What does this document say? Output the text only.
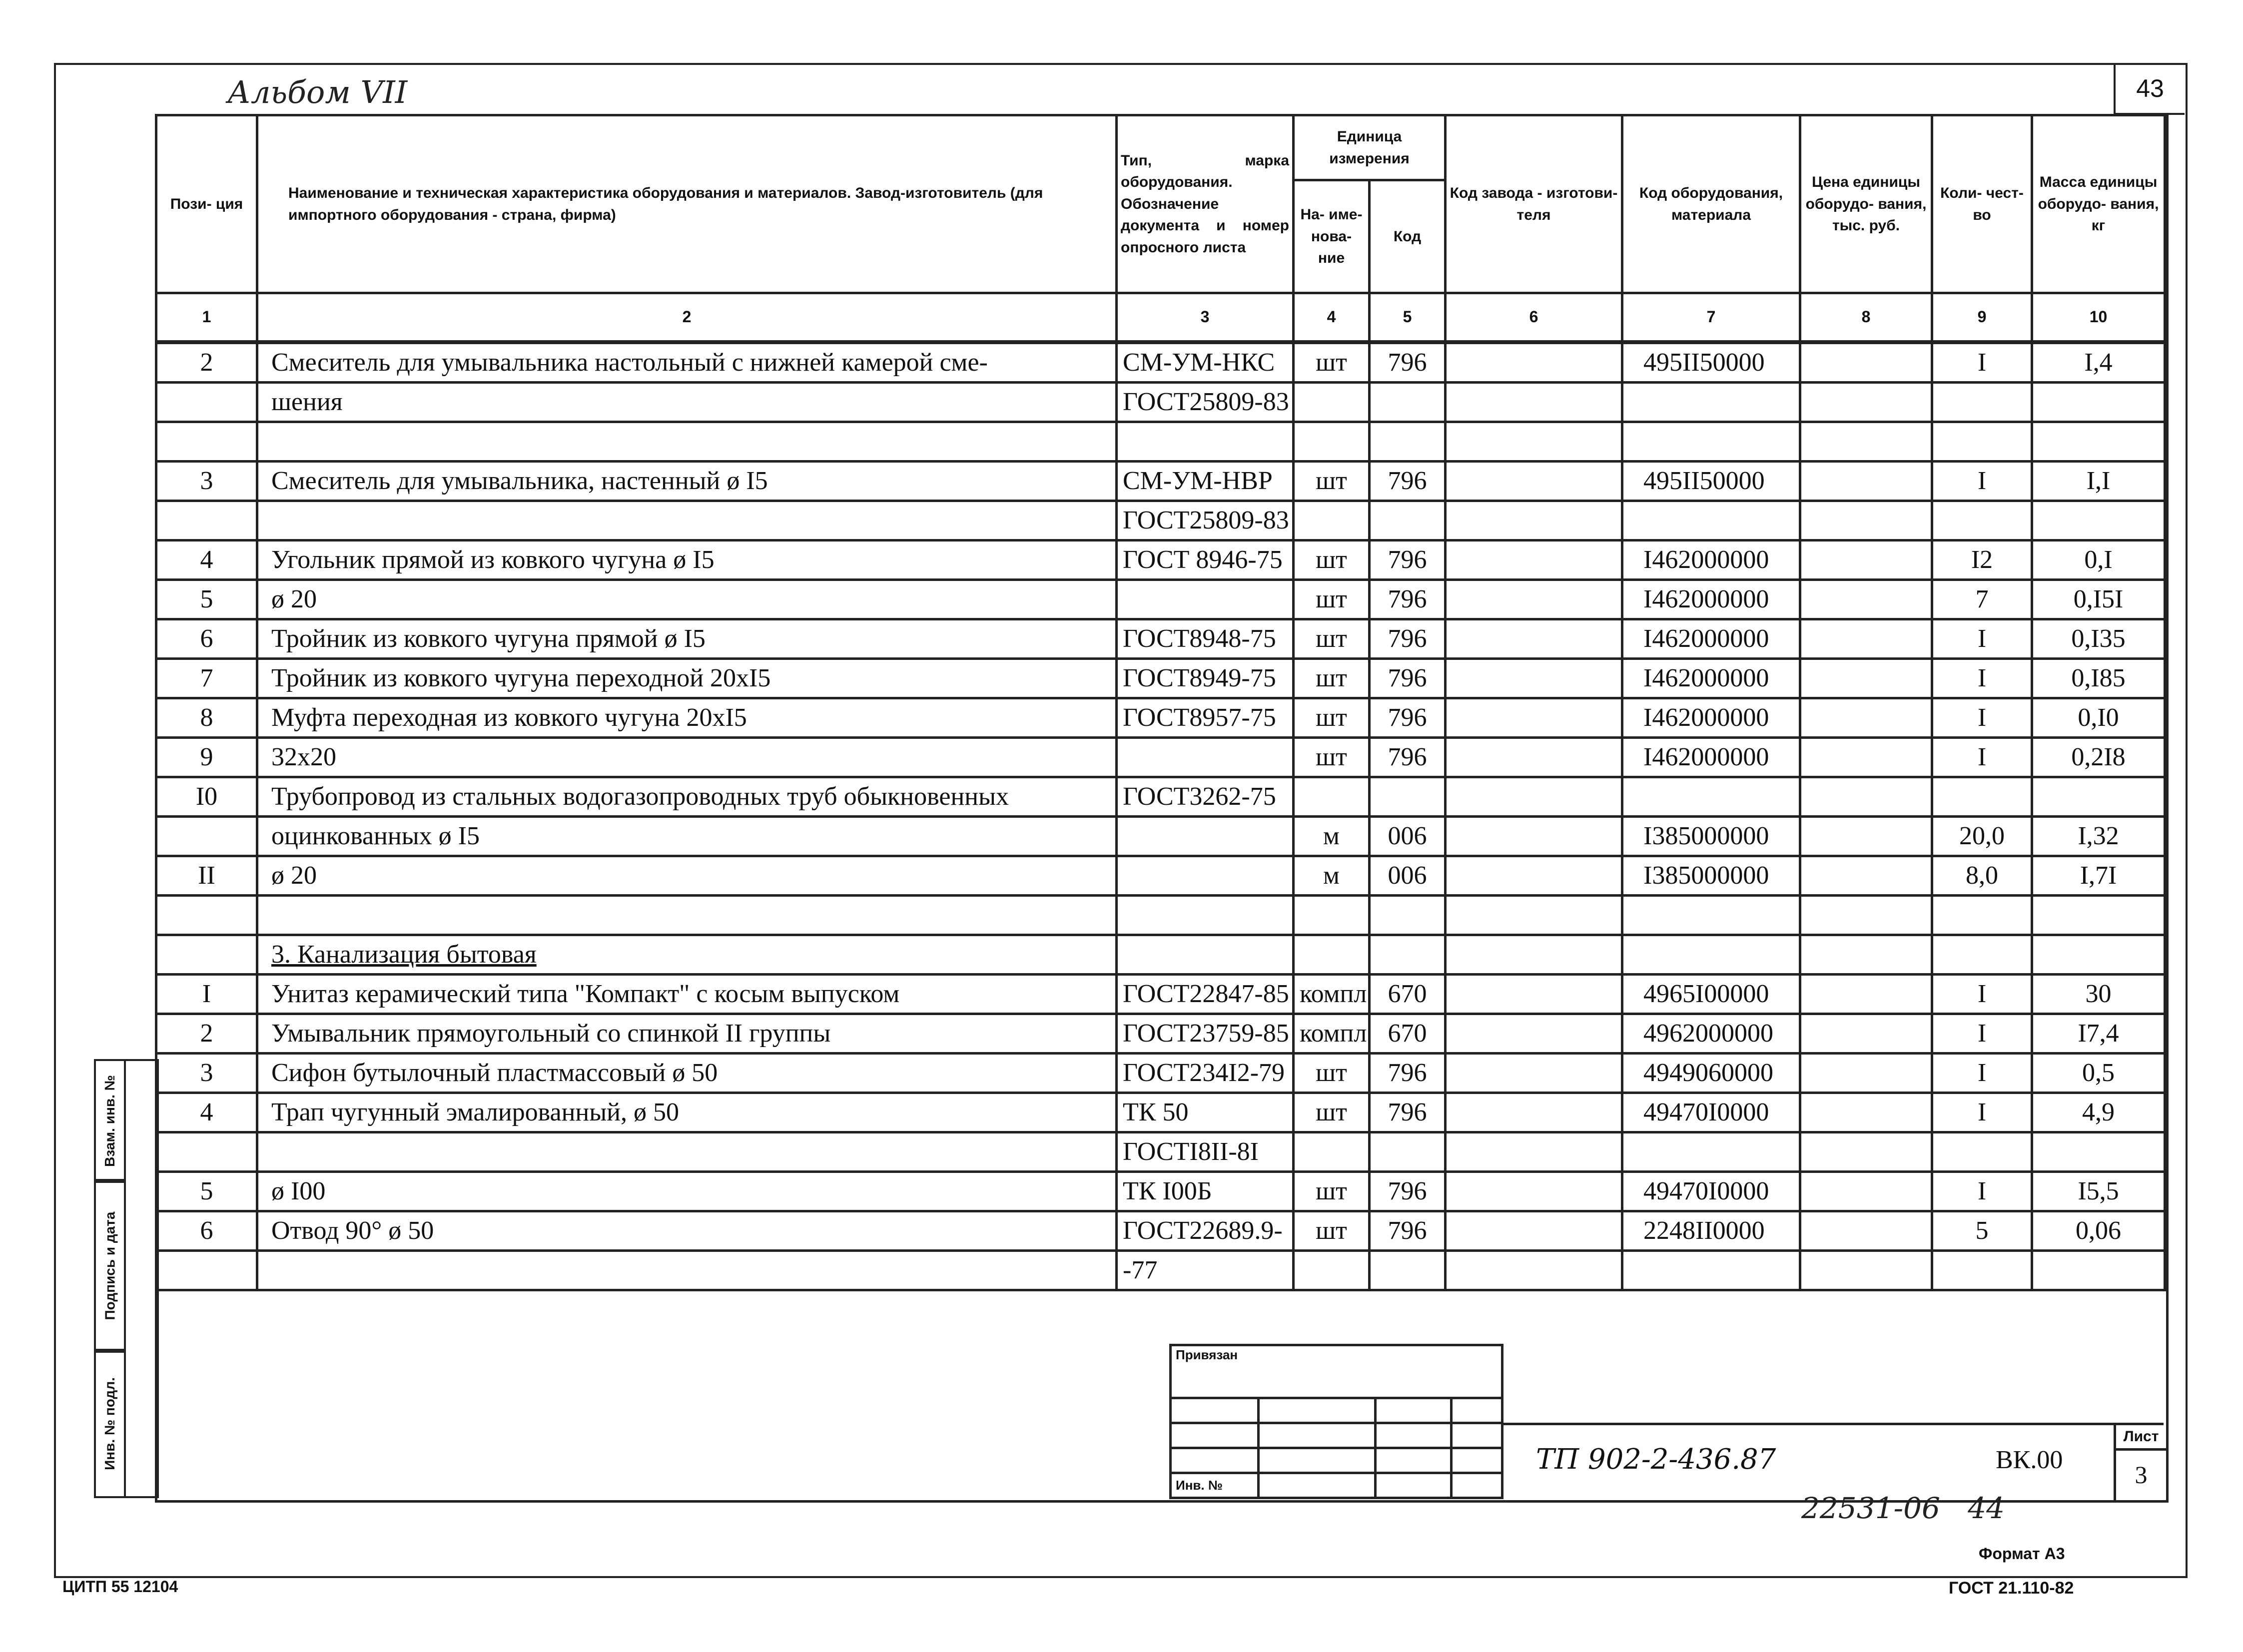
43
Альбом VII
Пози- ция	Наименование и техническая характеристика оборудования и материалов. Завод-изготовитель (для импортного оборудования - страна, фирма)	Тип, марка оборудования. Обозначение документа и номер опросного листа	Единица измерения		Код завода - изготови- теля	Код оборудования, материала	Цена единицы оборудо- вания, тыс. руб.	Коли- чест- во	Масса единицы оборудо- вания, кг
			На- име- нова- ние	Код					
1	2	3	4	5	6	7	8	9	10
2	Смеситель для умывальника настольный с нижней камерой сме-	СМ-УМ-НКС	шт	796		495II50000		I	I,4
	шения	ГОСТ25809-83							

3	Смеситель для умывальника, настенный ø I5	СМ-УМ-НВР	шт	796		495II50000		I	I,I
		ГОСТ25809-83							
4	Угольник прямой из ковкого чугуна ø I5	ГОСТ 8946-75	шт	796		I462000000		I2	0,I
5	ø 20		шт	796		I462000000		7	0,I5I
6	Тройник из ковкого чугуна прямой ø I5	ГОСТ8948-75	шт	796		I462000000		I	0,I35
7	Тройник из ковкого чугуна переходной 20хI5	ГОСТ8949-75	шт	796		I462000000		I	0,I85
8	Муфта переходная из ковкого чугуна 20хI5	ГОСТ8957-75	шт	796		I462000000		I	0,I0
9	32х20		шт	796		I462000000		I	0,2I8
I0	Трубопровод из стальных водогазопроводных труб обыкновенных	ГОСТ3262-75							
	оцинкованных ø I5		м	006		I385000000		20,0	I,32
II	ø 20		м	006		I385000000		8,0	I,7I

	3. Канализация бытовая								
I	Унитаз керамический типа "Компакт" с косым выпуском	ГОСТ22847-85	компл	670		4965I00000		I	30
2	Умывальник прямоугольный со спинкой II группы	ГОСТ23759-85	компл	670		4962000000		I	I7,4
3	Сифон бутылочный пластмассовый ø 50	ГОСТ234I2-79	шт	796		4949060000		I	0,5
4	Трап чугунный эмалированный, ø 50	ТК 50	шт	796		49470I0000		I	4,9
		ГОСТI8II-8I							
5	ø I00	ТК I00Б	шт	796		49470I0000		I	I5,5
6	Отвод 90° ø 50	ГОСТ22689.9-	шт	796		2248II0000		5	0,06
		-77							
Взам. инв. №
Подпись и дата
Инв. № подл.
Привязан			

Инв. №			
ТП 902-2-436.87	ВК.00
Лист
3
22531-06   44
Формат А3
ГОСТ 21.110-82
ЦИТП 55 12104
